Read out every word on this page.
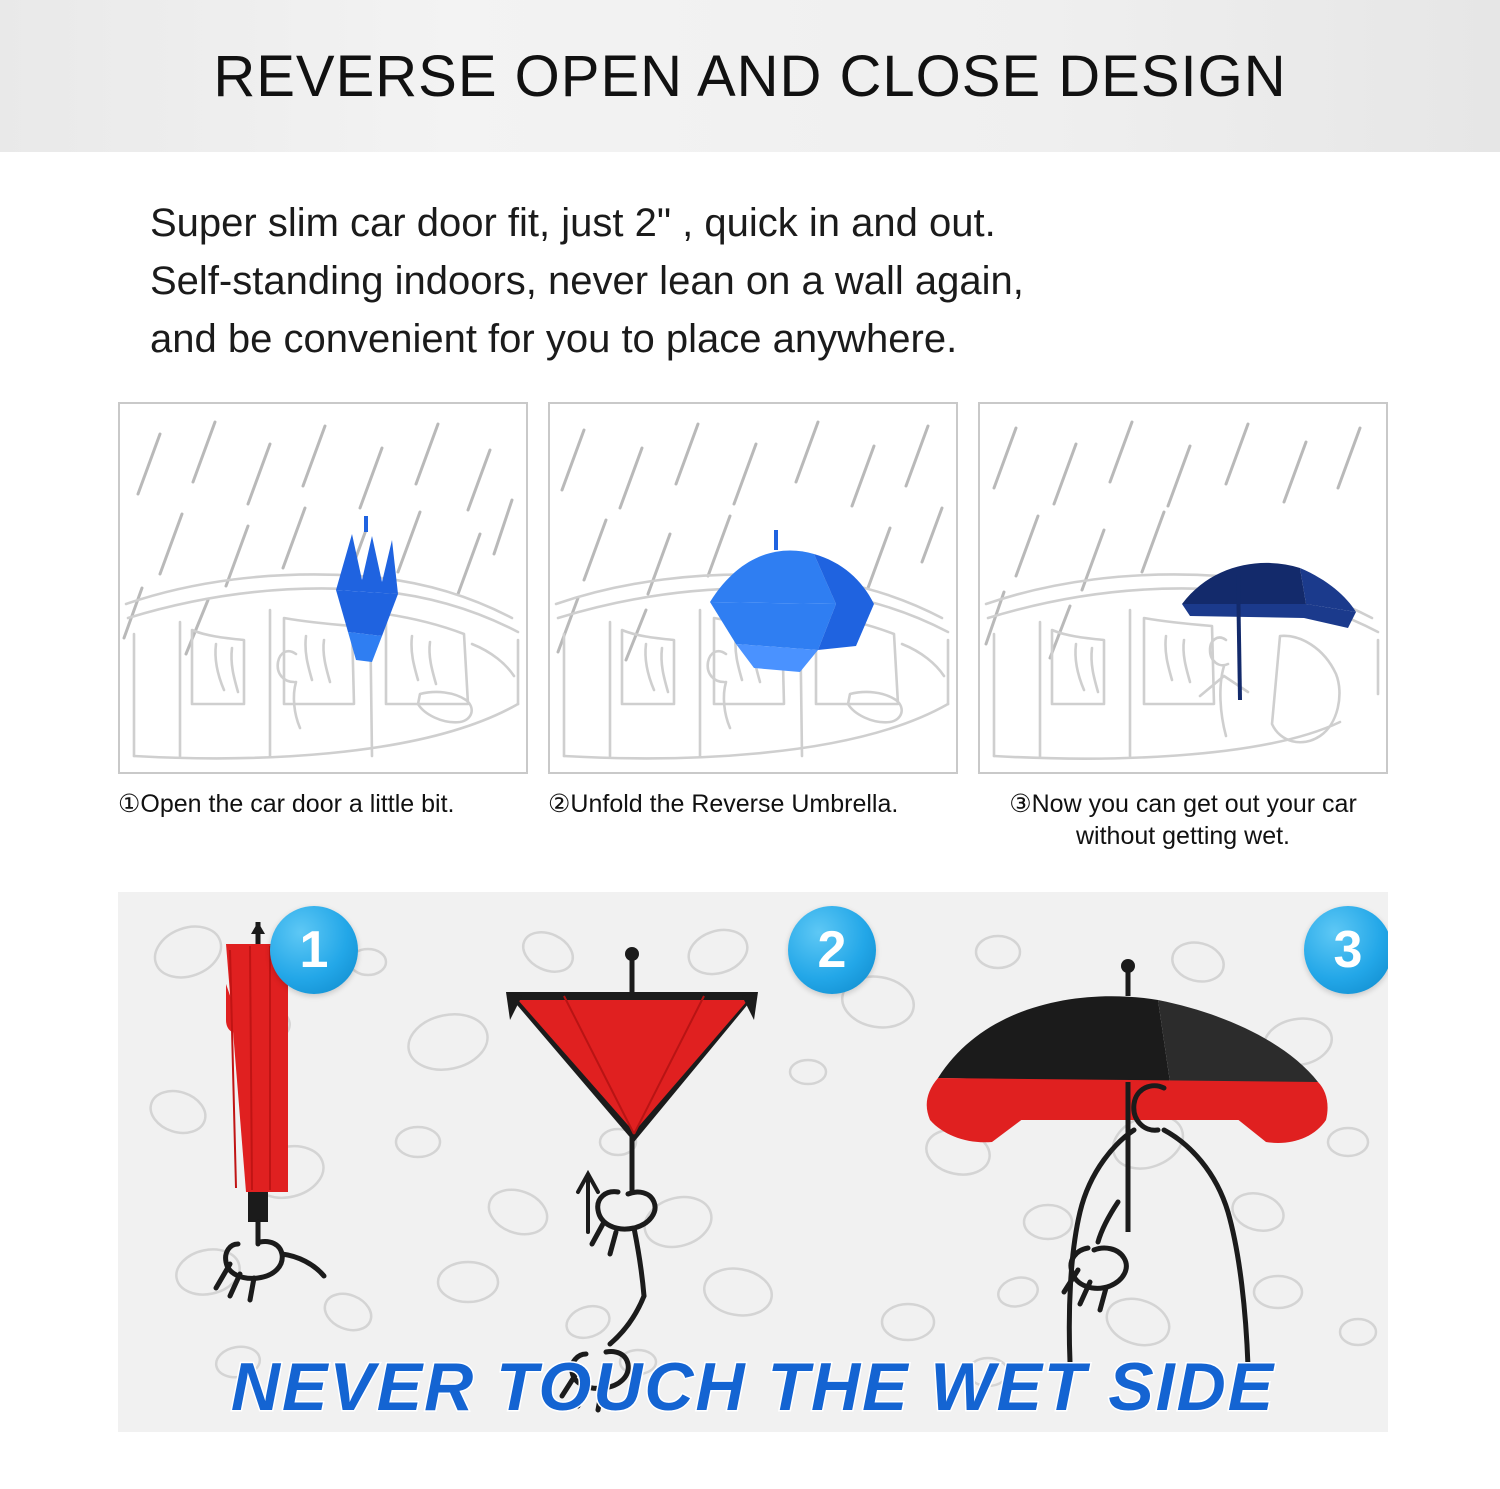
REVERSE OPEN AND CLOSE DESIGN
Super slim car door fit, just 2" , quick in and out.
Self-standing indoors, never lean on a wall again,
and be convenient for you to place anywhere.
①Open the car door a little bit.	②Unfold the Reverse Umbrella.	③Now you can get out your car without getting wet.
1	2	3
NEVER TOUCH THE WET SIDE
